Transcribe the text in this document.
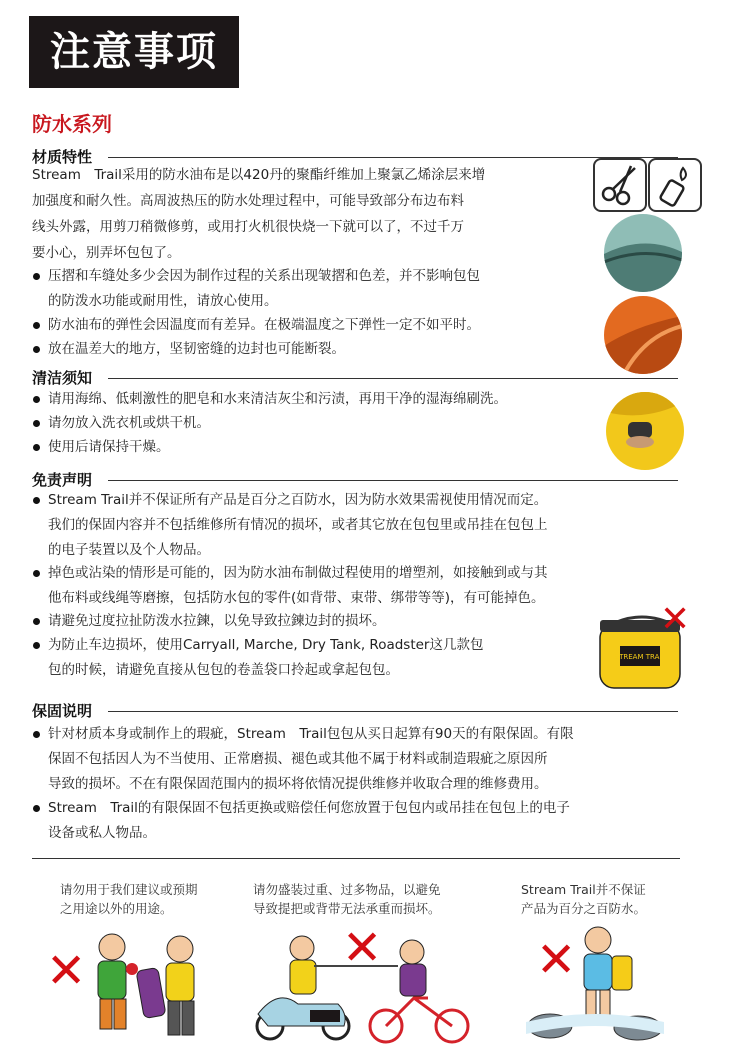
注意事项
防水系列
材质特性
Stream　Trail采用的防水油布是以420丹的聚酯纤维加上聚氯乙烯涂层来增
加强度和耐久性。高周波热压的防水处理过程中，可能导致部分布边布料
线头外露，用剪刀稍微修剪，或用打火机很快烧一下就可以了，不过千万
要小心，别弄坏包包了。
压摺和车缝处多少会因为制作过程的关系出现皱摺和色差，并不影响包包
的防泼水功能或耐用性，请放心使用。
防水油布的弹性会因温度而有差异。在极端温度之下弹性一定不如平时。
放在温差大的地方，坚韧密缝的边封也可能断裂。
清洁须知
请用海绵、低刺激性的肥皂和水来清洁灰尘和污渍，再用干净的湿海绵刷洗。
请勿放入洗衣机或烘干机。
使用后请保持干燥。
免责声明
Stream Trail并不保证所有产品是百分之百防水，因为防水效果需视使用情况而定。
我们的保固内容并不包括维修所有情况的损坏，或者其它放在包包里或吊挂在包包上
的电子装置以及个人物品。
掉色或沾染的情形是可能的，因为防水油布制做过程使用的增塑剂，如接触到或与其
他布料或线绳等磨擦，包括防水包的零件(如背带、束带、绑带等等)，有可能掉色。
请避免过度拉扯防泼水拉鍊，以免导致拉鍊边封的损坏。
为防止车边损坏，使用Carryall, Marche, Dry Tank, Roadster这几款包
包的时候，请避免直接从包包的卷盖袋口拎起或拿起包包。
STREAM TRAIL
✕
保固说明
针对材质本身或制作上的瑕疵，Stream　Trail包包从买日起算有90天的有限保固。有限
保固不包括因人为不当使用、正常磨损、褪色或其他不属于材料或制造瑕疵之原因所
导致的损坏。不在有限保固范围内的损坏将依情况提供维修并收取合理的维修费用。
Stream　Trail的有限保固不包括更换或赔偿任何您放置于包包内或吊挂在包包上的电子
设备或私人物品。
请勿用于我们建议或预期
之用途以外的用途。
请勿盛装过重、过多物品，以避免
导致提把或背带无法承重而损坏。
Stream Trail并不保证
产品为百分之百防水。
✕	✕	✕
